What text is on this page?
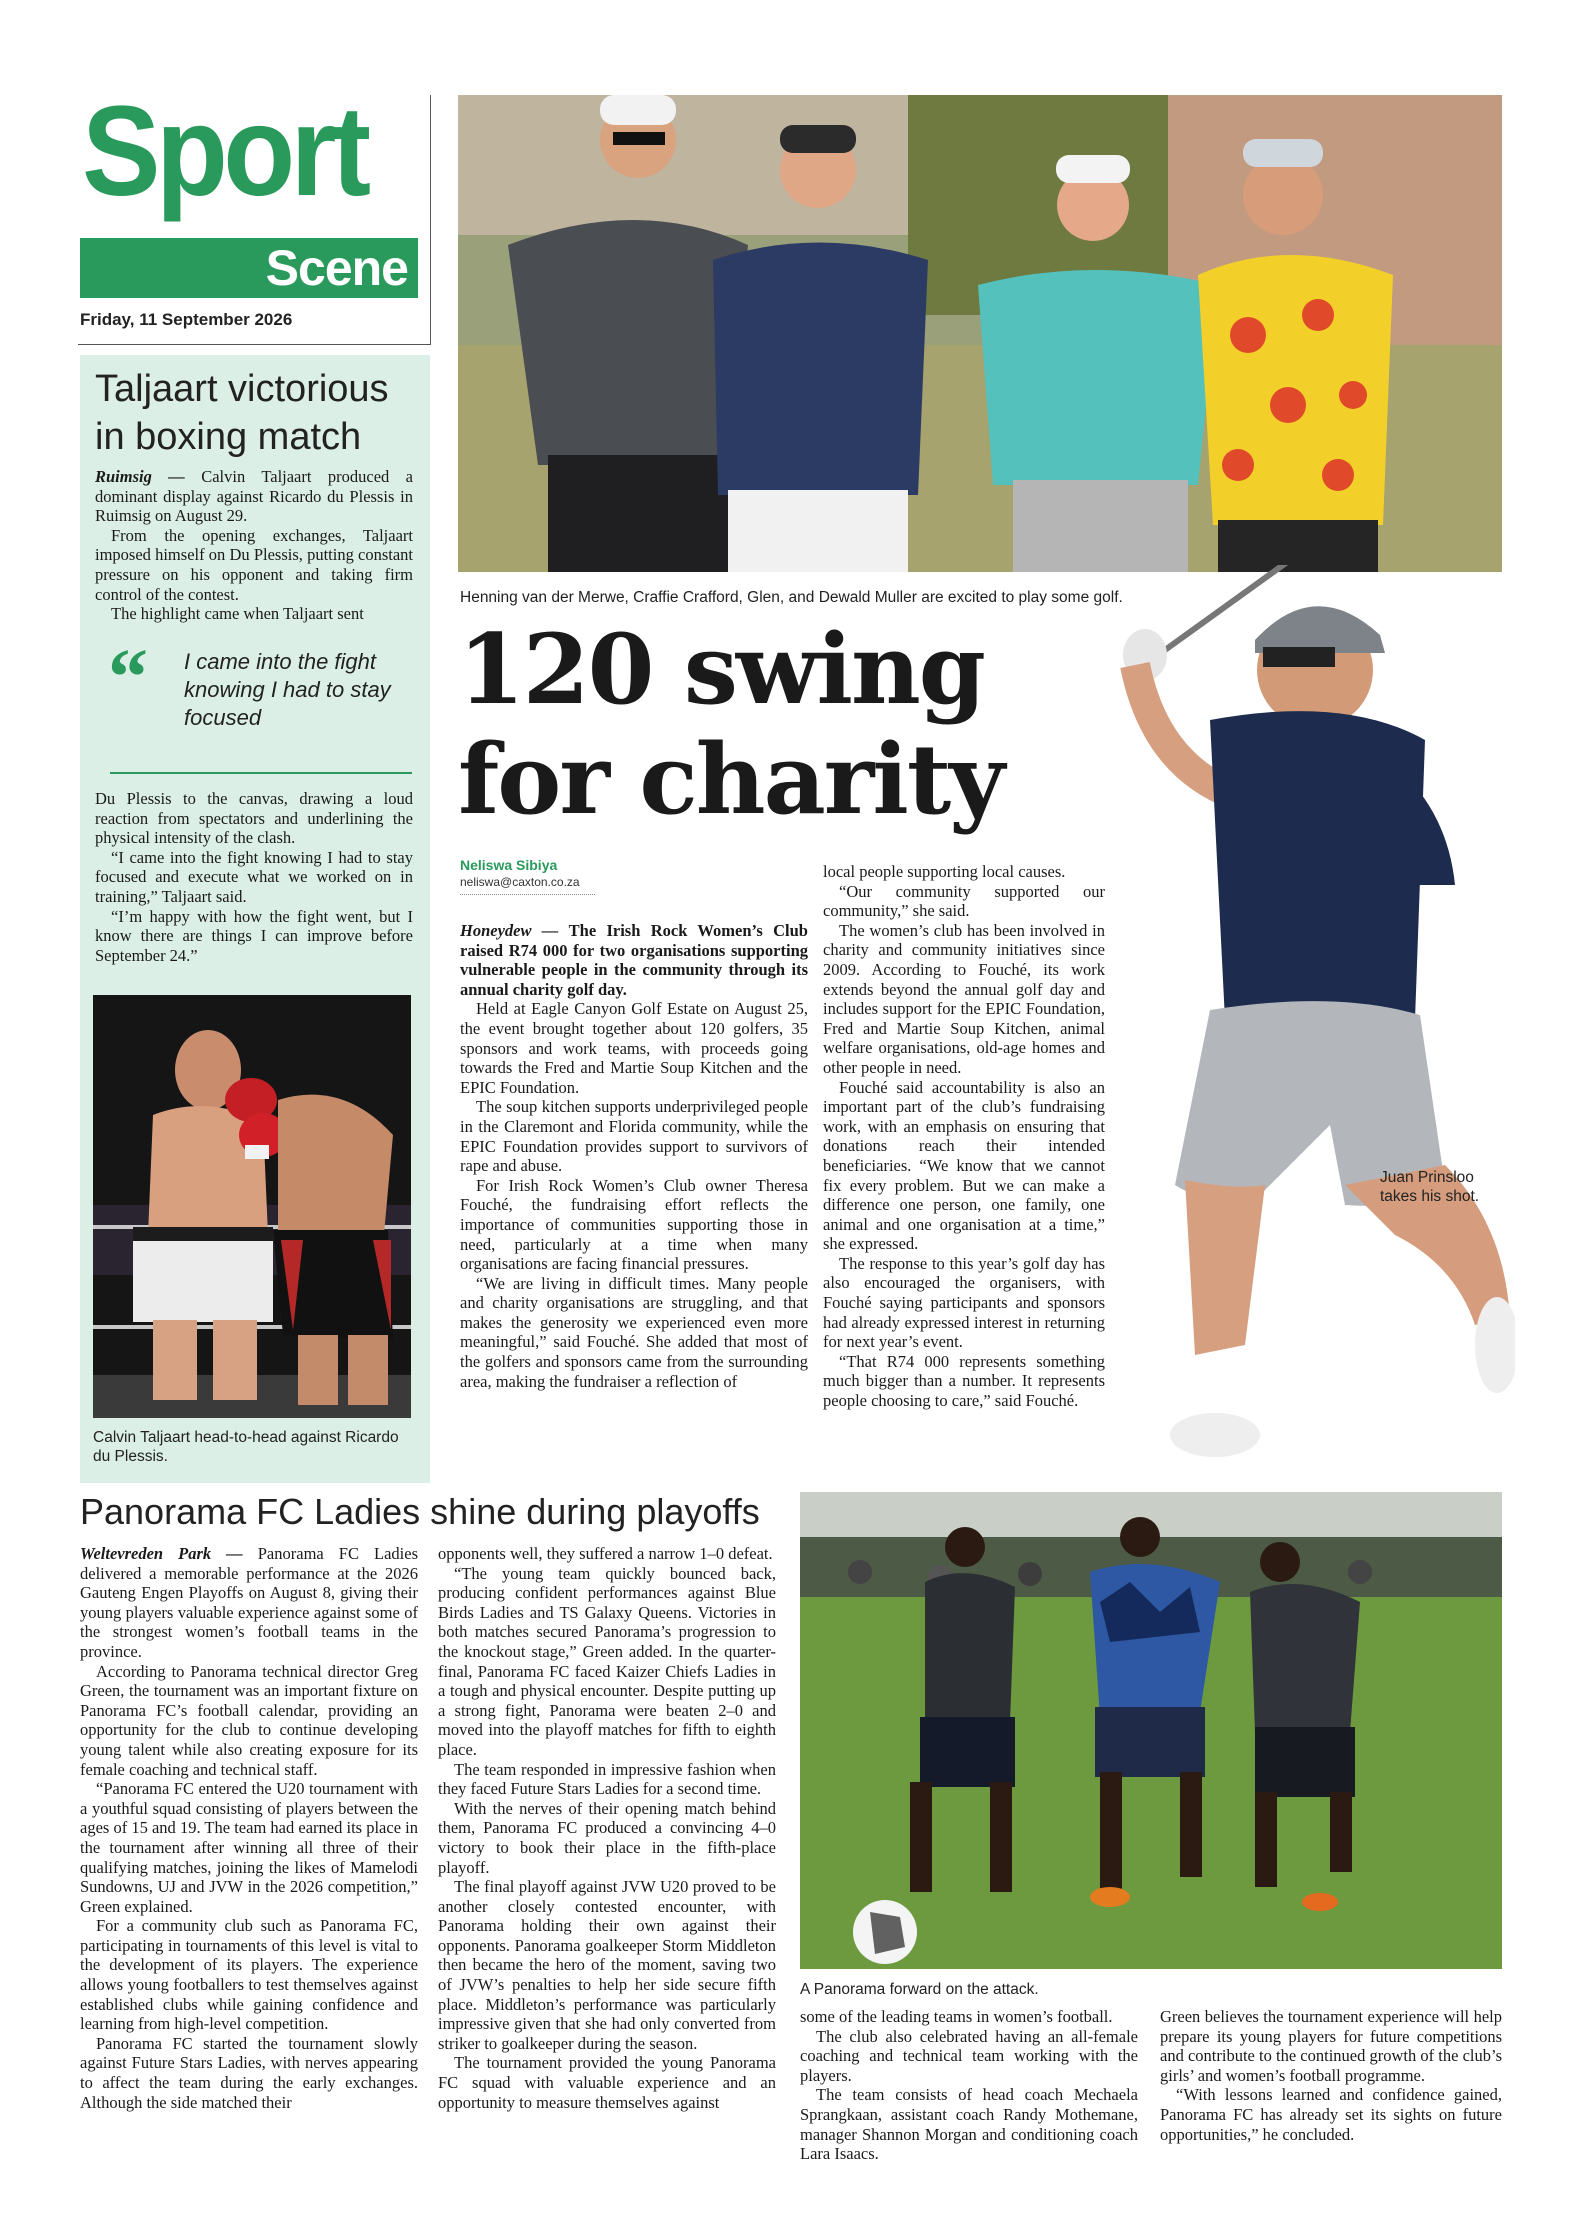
Sport
Scene
Friday, 11 September 2026
Taljaart victorious in boxing match

Ruimsig — Calvin Taljaart produced a dominant display against Ricardo du Plessis in Ruimsig on August 29.

From the opening exchanges, Taljaart imposed himself on Du Plessis, putting constant pressure on his opponent and taking firm control of the contest.

The highlight came when Taljaart sent

“ I came into the fight knowing I had to stay focused

Du Plessis to the canvas, drawing a loud reaction from spectators and underlining the physical intensity of the clash.

“I came into the fight knowing I had to stay focused and execute what we worked on in training,” Taljaart said.

“I’m happy with how the fight went, but I know there are things I can improve before September 24.”

Calvin Taljaart head-to-head against Ricardo du Plessis.
Henning van der Merwe, Craffie Crafford, Glen, and Dewald Muller are excited to play some golf.
Juan Prinsloo takes his shot.
120 swing
for charity
Neliswa Sibiya
neliswa@caxton.co.za

Honeydew — The Irish Rock Women’s Club raised R74 000 for two organisations supporting vulnerable people in the community through its annual charity golf day.

Held at Eagle Canyon Golf Estate on August 25, the event brought together about 120 golfers, 35 sponsors and work teams, with proceeds going towards the Fred and Martie Soup Kitchen and the EPIC Foundation.

The soup kitchen supports underprivileged people in the Claremont and Florida community, while the EPIC Foundation provides support to survivors of rape and abuse.

For Irish Rock Women’s Club owner Theresa Fouché, the fundraising effort reflects the importance of communities supporting those in need, particularly at a time when many organisations are facing financial pressures.

“We are living in difficult times. Many people and charity organisations are struggling, and that makes the generosity we experienced even more meaningful,” said Fouché. She added that most of the golfers and sponsors came from the surrounding area, making the fundraiser a reflection of

local people supporting local causes.

“Our community supported our community,” she said.

The women’s club has been involved in charity and community initiatives since 2009. According to Fouché, its work extends beyond the annual golf day and includes support for the EPIC Foundation, Fred and Martie Soup Kitchen, animal welfare organisations, old-age homes and other people in need.

Fouché said accountability is also an important part of the club’s fundraising work, with an emphasis on ensuring that donations reach their intended beneficiaries. “We know that we cannot fix every problem. But we can make a difference one person, one family, one animal and one organisation at a time,” she expressed.

The response to this year’s golf day has also encouraged the organisers, with Fouché saying participants and sponsors had already expressed interest in returning for next year’s event.

“That R74 000 represents something much bigger than a number. It represents people choosing to care,” said Fouché.

Panorama FC Ladies shine during playoffs

Weltevreden Park — Panorama FC Ladies delivered a memorable performance at the 2026 Gauteng Engen Playoffs on August 8, giving their young players valuable experience against some of the strongest women’s football teams in the province.

According to Panorama technical director Greg Green, the tournament was an important fixture on Panorama FC’s football calendar, providing an opportunity for the club to continue developing young talent while also creating exposure for its female coaching and technical staff.

“Panorama FC entered the U20 tournament with a youthful squad consisting of players between the ages of 15 and 19. The team had earned its place in the tournament after winning all three of their qualifying matches, joining the likes of Mamelodi Sundowns, UJ and JVW in the 2026 competition,” Green explained.

For a community club such as Panorama FC, participating in tournaments of this level is vital to the development of its players. The experience allows young footballers to test themselves against established clubs while gaining confidence and learning from high-level competition.

Panorama FC started the tournament slowly against Future Stars Ladies, with nerves appearing to affect the team during the early exchanges. Although the side matched their

opponents well, they suffered a narrow 1–0 defeat.

“The young team quickly bounced back, producing confident performances against Blue Birds Ladies and TS Galaxy Queens. Victories in both matches secured Panorama’s progression to the knockout stage,” Green added. In the quarter-final, Panorama FC faced Kaizer Chiefs Ladies in a tough and physical encounter. Despite putting up a strong fight, Panorama were beaten 2–0 and moved into the playoff matches for fifth to eighth place.

The team responded in impressive fashion when they faced Future Stars Ladies for a second time.

With the nerves of their opening match behind them, Panorama FC produced a convincing 4–0 victory to book their place in the fifth-place playoff.

The final playoff against JVW U20 proved to be another closely contested encounter, with Panorama holding their own against their opponents. Panorama goalkeeper Storm Middleton then became the hero of the moment, saving two of JVW’s penalties to help her side secure fifth place. Middleton’s performance was particularly impressive given that she had only converted from striker to goalkeeper during the season.

The tournament provided the young Panorama FC squad with valuable experience and an opportunity to measure themselves against

A Panorama forward on the attack.

some of the leading teams in women’s football.

The club also celebrated having an all-female coaching and technical team working with the players.

The team consists of head coach Mechaela Sprangkaan, assistant coach Randy Mothemane, manager Shannon Morgan and conditioning coach Lara Isaacs.

Green believes the tournament experience will help prepare its young players for future competitions and contribute to the continued growth of the club’s girls’ and women’s football programme.

“With lessons learned and confidence gained, Panorama FC has already set its sights on future opportunities,” he concluded.
